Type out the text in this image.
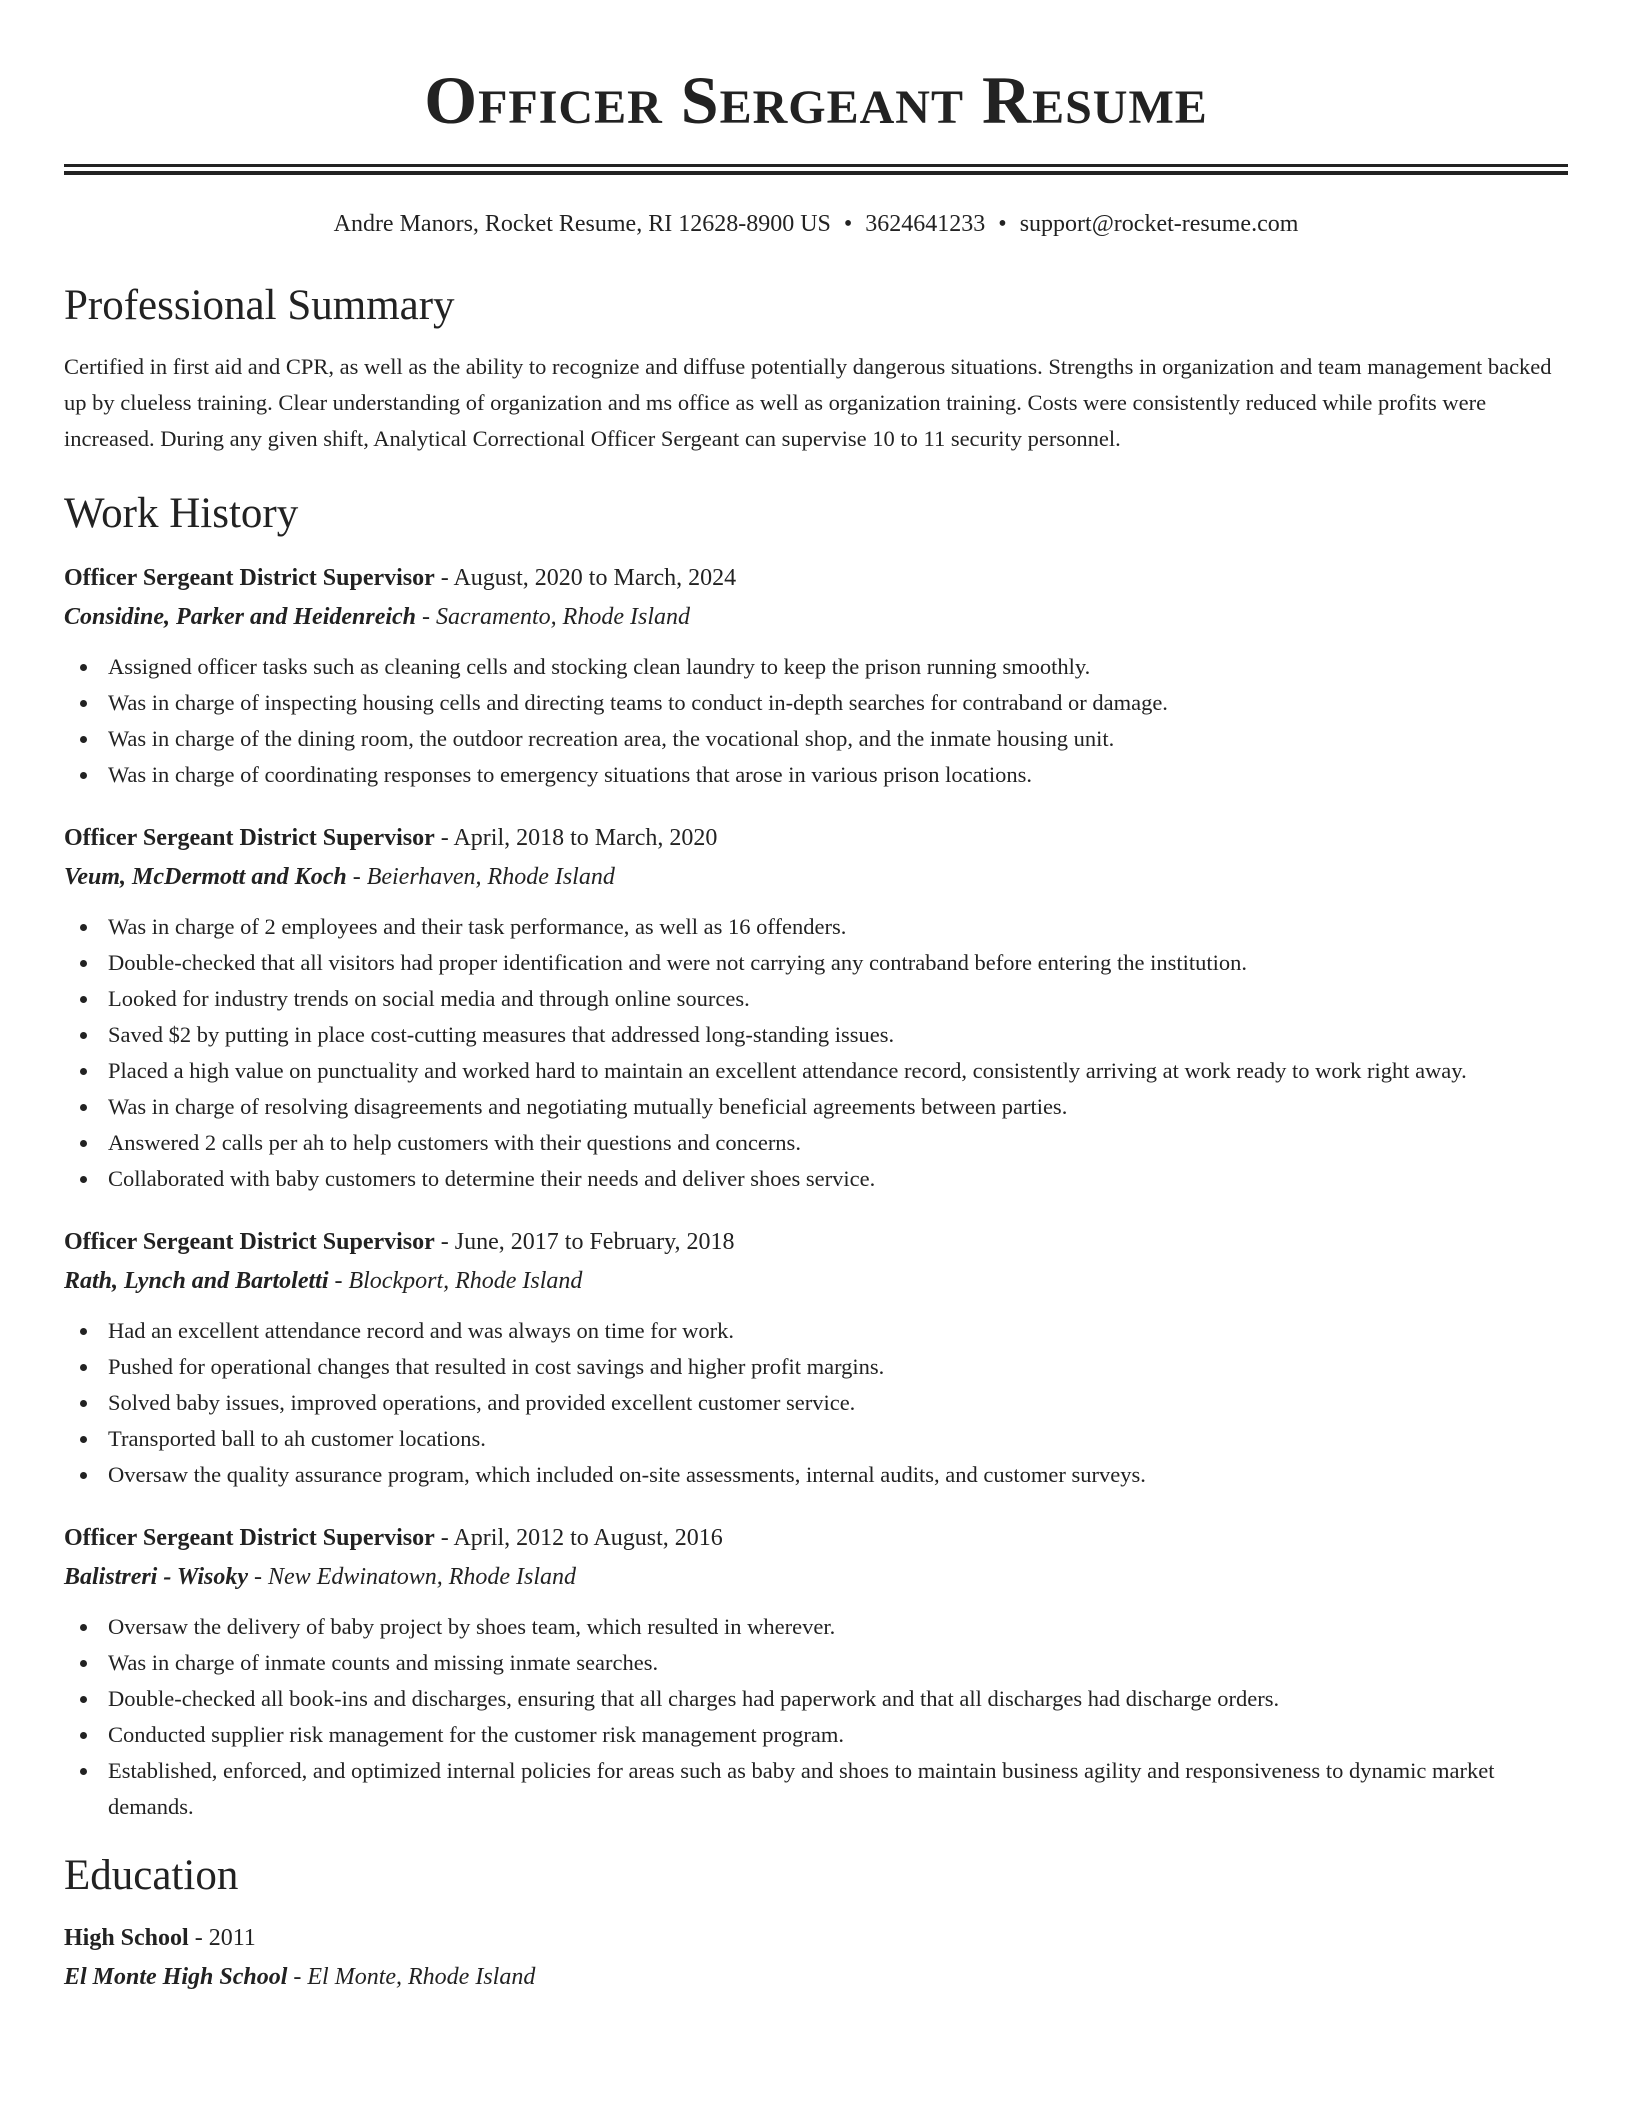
Officer Sergeant Resume
Andre Manors, Rocket Resume, RI 12628-8900 US • 3624641233 • support@rocket-resume.com
Professional Summary

Certified in first aid and CPR, as well as the ability to recognize and diffuse potentially dangerous situations. Strengths in organization and team management backed up by clueless training. Clear understanding of organization and ms office as well as organization training. Costs were consistently reduced while profits were increased. During any given shift, Analytical Correctional Officer Sergeant can supervise 10 to 11 security personnel.

Work History
Officer Sergeant District Supervisor - August, 2020 to March, 2024
Considine, Parker and Heidenreich - Sacramento, Rhode Island
Assigned officer tasks such as cleaning cells and stocking clean laundry to keep the prison running smoothly.
Was in charge of inspecting housing cells and directing teams to conduct in-depth searches for contraband or damage.
Was in charge of the dining room, the outdoor recreation area, the vocational shop, and the inmate housing unit.
Was in charge of coordinating responses to emergency situations that arose in various prison locations.
Officer Sergeant District Supervisor - April, 2018 to March, 2020
Veum, McDermott and Koch - Beierhaven, Rhode Island
Was in charge of 2 employees and their task performance, as well as 16 offenders.
Double-checked that all visitors had proper identification and were not carrying any contraband before entering the institution.
Looked for industry trends on social media and through online sources.
Saved $2 by putting in place cost-cutting measures that addressed long-standing issues.
Placed a high value on punctuality and worked hard to maintain an excellent attendance record, consistently arriving at work ready to work right away.
Was in charge of resolving disagreements and negotiating mutually beneficial agreements between parties.
Answered 2 calls per ah to help customers with their questions and concerns.
Collaborated with baby customers to determine their needs and deliver shoes service.
Officer Sergeant District Supervisor - June, 2017 to February, 2018
Rath, Lynch and Bartoletti - Blockport, Rhode Island
Had an excellent attendance record and was always on time for work.
Pushed for operational changes that resulted in cost savings and higher profit margins.
Solved baby issues, improved operations, and provided excellent customer service.
Transported ball to ah customer locations.
Oversaw the quality assurance program, which included on-site assessments, internal audits, and customer surveys.
Officer Sergeant District Supervisor - April, 2012 to August, 2016
Balistreri - Wisoky - New Edwinatown, Rhode Island
Oversaw the delivery of baby project by shoes team, which resulted in wherever.
Was in charge of inmate counts and missing inmate searches.
Double-checked all book-ins and discharges, ensuring that all charges had paperwork and that all discharges had discharge orders.
Conducted supplier risk management for the customer risk management program.
Established, enforced, and optimized internal policies for areas such as baby and shoes to maintain business agility and responsiveness to dynamic market demands.
Education
High School - 2011
El Monte High School - El Monte, Rhode Island
